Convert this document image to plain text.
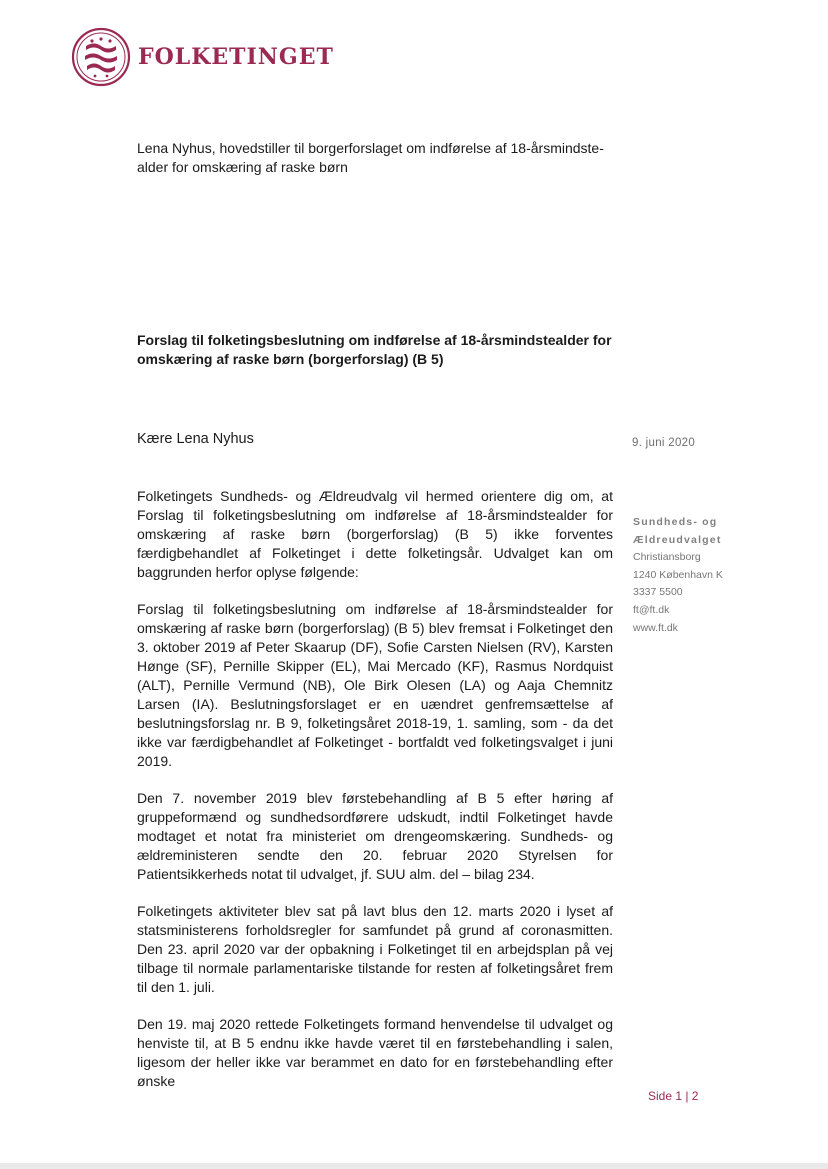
FOLKETINGET
Lena Nyhus, hovedstiller til borgerforslaget om indførelse af 18-årsmindste-
alder for omskæring af raske børn
Forslag til folketingsbeslutning om indførelse af 18-årsmindstealder for
omskæring af raske børn (borgerforslag) (B 5)
Kære Lena Nyhus	9. juni 2020
Sundheds- og
Ældreudvalget
Christiansborg
1240 København K
3337 5500
ft@ft.dk
www.ft.dk

Folketingets Sundheds- og Ældreudvalg vil hermed orientere dig om, at Forslag til folketingsbeslutning om indførelse af 18-årsmindstealder for omskæring af raske børn (borgerforslag) (B 5) ikke forventes færdigbehandlet af Folketinget i dette folketingsår. Udvalget kan om baggrunden herfor oplyse følgende:

Forslag til folketingsbeslutning om indførelse af 18-årsmindstealder for omskæring af raske børn (borgerforslag) (B 5) blev fremsat i Folketinget den 3. oktober 2019 af Peter Skaarup (DF), Sofie Carsten Nielsen (RV), Karsten Hønge (SF), Pernille Skipper (EL), Mai Mercado (KF), Rasmus Nordquist (ALT), Pernille Vermund (NB), Ole Birk Olesen (LA) og Aaja Chemnitz Larsen (IA). Beslutningsforslaget er en uændret genfremsættelse af beslutningsforslag nr. B 9, folketingsåret 2018-19, 1. samling, som - da det ikke var færdigbehandlet af Folketinget - bortfaldt ved folketingsvalget i juni 2019.

Den 7. november 2019 blev førstebehandling af B 5 efter høring af gruppeformænd og sundhedsordførere udskudt, indtil Folketinget havde modtaget et notat fra ministeriet om drengeomskæring. Sundheds- og ældreministeren sendte den 20. februar 2020 Styrelsen for Patientsikkerheds notat til udvalget, jf. SUU alm. del – bilag 234.

Folketingets aktiviteter blev sat på lavt blus den 12. marts 2020 i lyset af statsministerens forholdsregler for samfundet på grund af coronasmitten. Den 23. april 2020 var der opbakning i Folketinget til en arbejdsplan på vej tilbage til normale parlamentariske tilstande for resten af folketingsåret frem til den 1. juli.

Den 19. maj 2020 rettede Folketingets formand henvendelse til udvalget og henviste til, at B 5 endnu ikke havde været til en førstebehandling i salen, ligesom der heller ikke var berammet en dato for en førstebehandling efter ønske

Side 1 | 2
